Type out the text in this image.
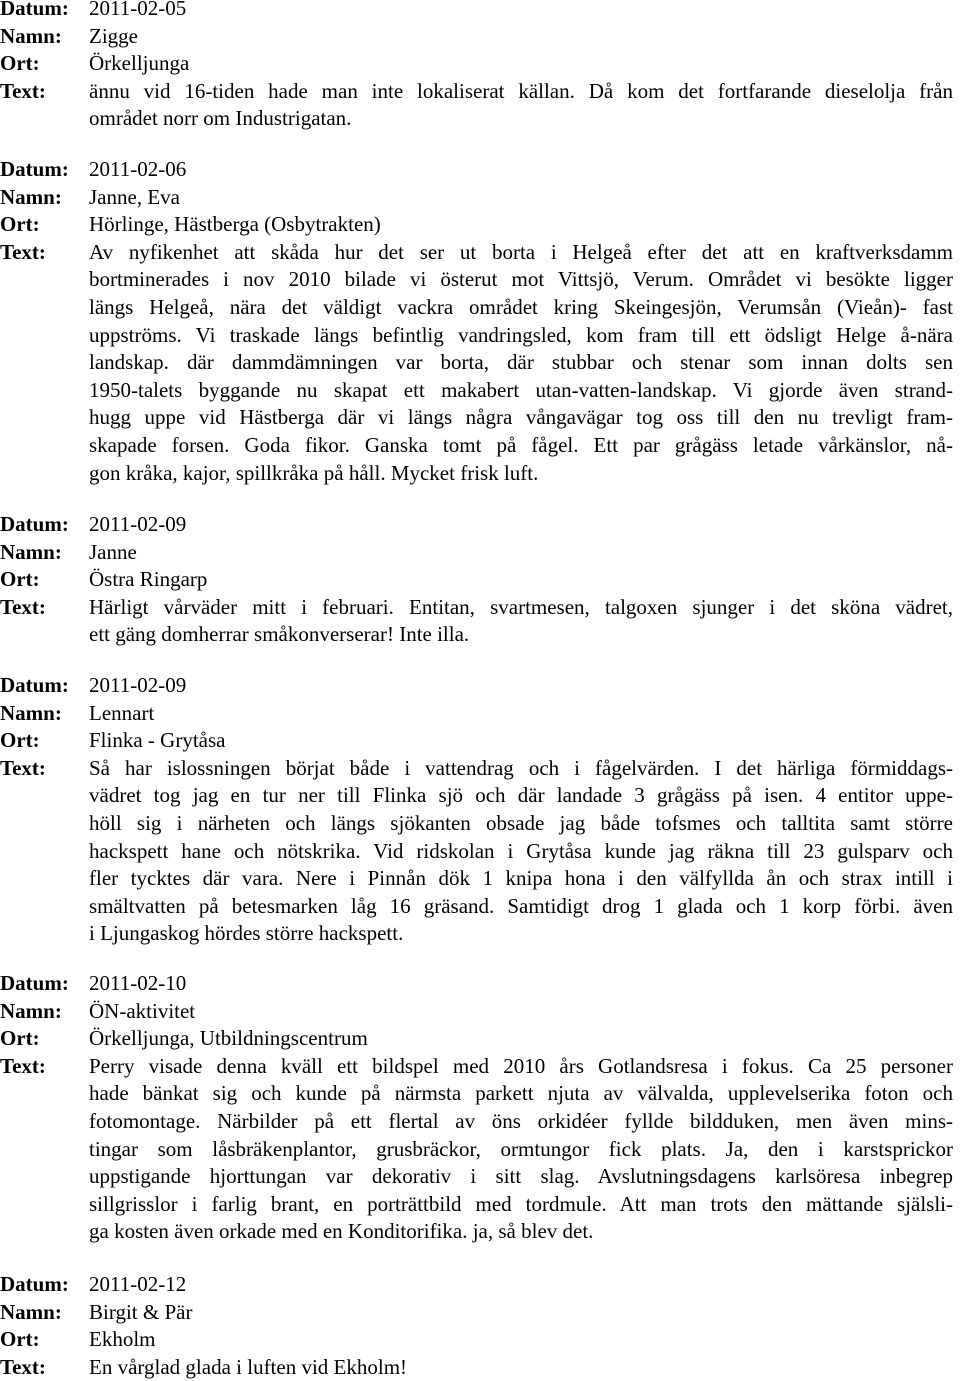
Datum: 2011-02-05
Namn:	Zigge
Ort:	Örkelljunga
Text:	ännu vid 16-tiden hade man inte lokaliserat källan. Då kom det fortfarande dieselolja från
området norr om Industrigatan.
Datum: 2011-02-06
Namn:	Janne, Eva
Ort:	Hörlinge, Hästberga (Osbytrakten)
Text:	Av nyfikenhet att skåda hur det ser ut borta i Helgeå efter det att en kraftverksdamm
bortminerades i nov 2010 bilade vi österut mot Vittsjö, Verum. Området vi besökte ligger
längs Helgeå, nära det väldigt vackra området kring Skeingesjön, Verumsån (Vieån)- fast
uppströms. Vi traskade längs befintlig vandringsled, kom fram till ett ödsligt Helge å-nära
landskap. där dammdämningen var borta, där stubbar och stenar som innan dolts sen
1950-talets byggande nu skapat ett makabert utan-vatten-landskap. Vi gjorde även strand-
hugg uppe vid Hästberga där vi längs några vångavägar tog oss till den nu trevligt fram-
skapade forsen. Goda fikor. Ganska tomt på fågel. Ett par grågäss letade vårkänslor, nå-
gon kråka, kajor, spillkråka på håll. Mycket frisk luft.
Datum: 2011-02-09
Namn:	Janne
Ort:	Östra Ringarp
Text:	Härligt vårväder mitt i februari. Entitan, svartmesen, talgoxen sjunger i det sköna vädret,
ett gäng domherrar småkonverserar! Inte illa.
Datum: 2011-02-09
Namn:	Lennart
Ort:	Flinka - Grytåsa
Text:	Så har islossningen börjat både i vattendrag och i fågelvärden. I det härliga förmiddags-
vädret tog jag en tur ner till Flinka sjö och där landade 3 grågäss på isen. 4 entitor uppe-
höll sig i närheten och längs sjökanten obsade jag både tofsmes och talltita samt större
hackspett hane och nötskrika. Vid ridskolan i Grytåsa kunde jag räkna till 23 gulsparv och
fler tycktes där vara. Nere i Pinnån dök 1 knipa hona i den välfyllda ån och strax intill i
smältvatten på betesmarken låg 16 gräsand. Samtidigt drog 1 glada och 1 korp förbi. även
i Ljungaskog hördes större hackspett.
Datum: 2011-02-10
Namn:	ÖN-aktivitet
Ort:	Örkelljunga, Utbildningscentrum
Text:	Perry visade denna kväll ett bildspel med 2010 års Gotlandsresa i fokus. Ca 25 personer
hade bänkat sig och kunde på närmsta parkett njuta av välvalda, upplevelserika foton och
fotomontage. Närbilder på ett flertal av öns orkidéer fyllde bildduken, men även mins-
tingar som låsbräkenplantor, grusbräckor, ormtungor fick plats. Ja, den i karstsprickor
uppstigande hjorttungan var dekorativ i sitt slag. Avslutningsdagens karlsöresa inbegrep
sillgrisslor i farlig brant, en porträttbild med tordmule. Att man trots den mättande själsli-
ga kosten även orkade med en Konditorifika. ja, så blev det.
Datum: 2011-02-12
Namn:	Birgit & Pär
Ort:	Ekholm
Text:	En vårglad glada i luften vid Ekholm!
